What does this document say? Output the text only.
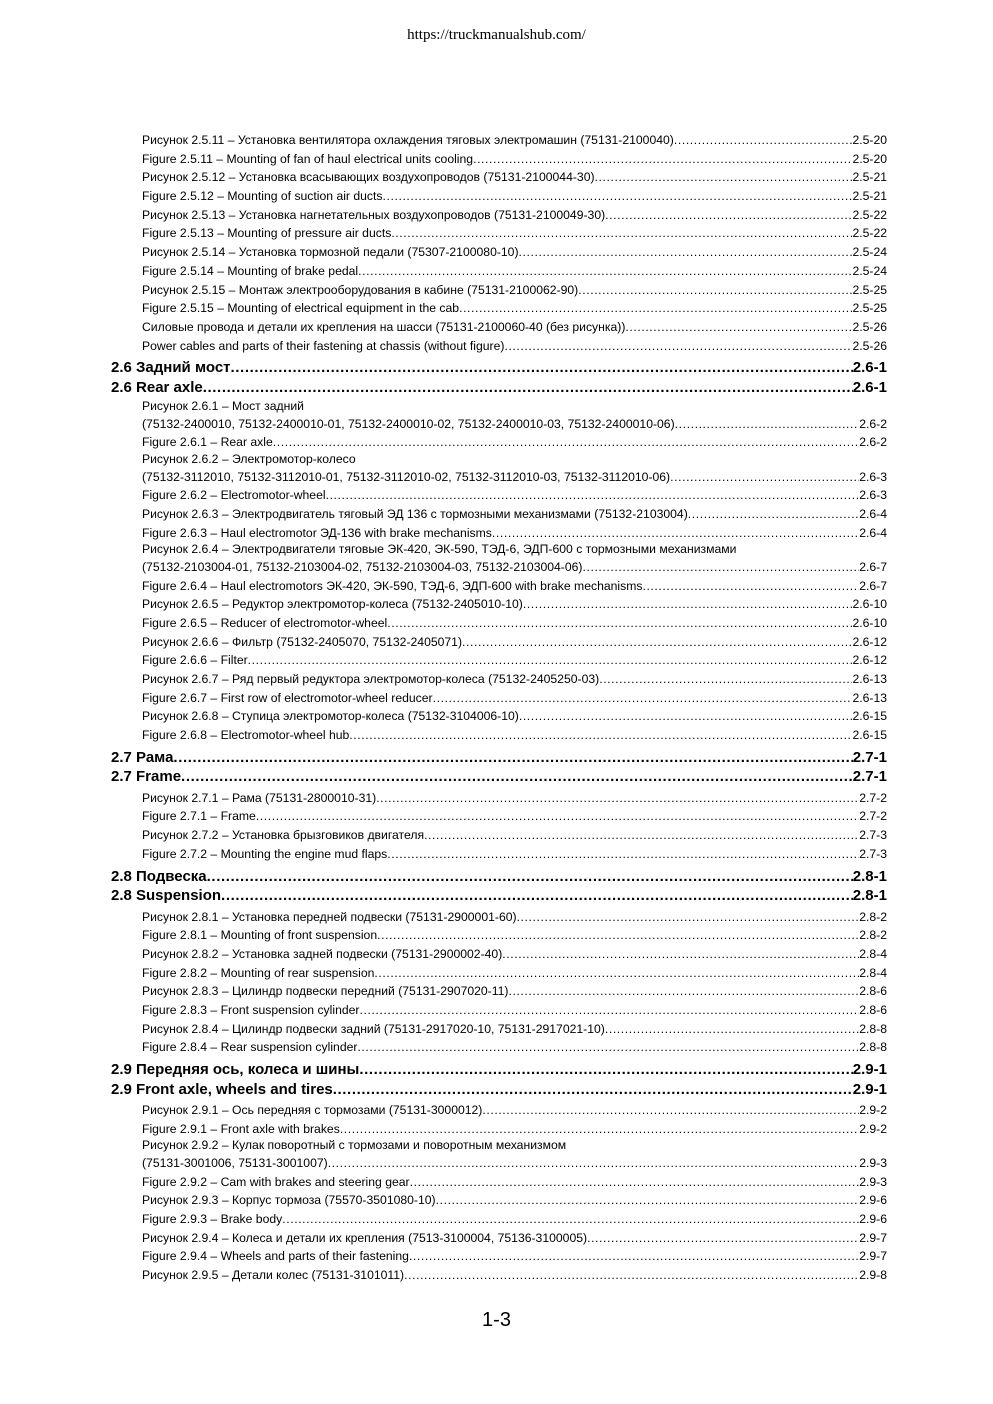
https://truckmanualshub.com/
Рисунок 2.5.11 – Установка вентилятора охлаждения тяговых электромашин (75131-2100040) .....	2.5-20
Figure 2.5.11 – Mounting of fan of haul electrical units cooling .....	2.5-20
Рисунок 2.5.12 – Установка всасывающих воздухопроводов (75131-2100044-30) .....	2.5-21
Figure 2.5.12 – Mounting of suction air ducts .....	2.5-21
Рисунок 2.5.13 – Установка нагнетательных воздухопроводов (75131-2100049-30) .....	2.5-22
Figure 2.5.13 – Mounting of pressure air ducts .....	2.5-22
Рисунок 2.5.14 – Установка тормозной педали (75307-2100080-10) .....	2.5-24
Figure 2.5.14 – Mounting of brake pedal .....	2.5-24
Рисунок 2.5.15 – Монтаж электрооборудования в кабине (75131-2100062-90) .....	2.5-25
Figure 2.5.15 – Mounting of electrical equipment in the cab .....	2.5-25
Силовые провода и детали их крепления на шасси (75131-2100060-40 (без рисунка)) .....	2.5-26
Power cables and parts of their fastening at chassis (without figure) .....	2.5-26
2.6 Задний мост .....	2.6-1
2.6 Rear axle .....	2.6-1
Рисунок 2.6.1 – Мост задний
(75132-2400010, 75132-2400010-01, 75132-2400010-02, 75132-2400010-03, 75132-2400010-06) .....	2.6-2
Figure 2.6.1 – Rear axle .....	2.6-2
Рисунок 2.6.2 – Электромотор-колесо
(75132-3112010, 75132-3112010-01, 75132-3112010-02, 75132-3112010-03, 75132-3112010-06) .....	2.6-3
Figure 2.6.2 – Electromotor-wheel .....	2.6-3
Рисунок 2.6.3 – Электродвигатель тяговый ЭД 136 с тормозными механизмами (75132-2103004) .....	2.6-4
Figure 2.6.3 – Haul electromotor ЭД-136 with brake mechanisms .....	2.6-4
Рисунок 2.6.4 – Электродвигатели тяговые ЭК-420, ЭК-590, ТЭД-6, ЭДП-600 с тормозными механизмами
(75132-2103004-01, 75132-2103004-02, 75132-2103004-03, 75132-2103004-06) .....	2.6-7
Figure 2.6.4 – Haul electromotors ЭК-420, ЭК-590, ТЭД-6, ЭДП-600 with brake mechanisms .....	2.6-7
Рисунок 2.6.5 – Редуктор электромотор-колеса (75132-2405010-10) .....	2.6-10
Figure 2.6.5 – Reducer of electromotor-wheel .....	2.6-10
Рисунок 2.6.6 – Фильтр (75132-2405070, 75132-2405071) .....	2.6-12
Figure 2.6.6 – Filter .....	2.6-12
Рисунок 2.6.7 – Ряд первый редуктора электромотор-колеса (75132-2405250-03) .....	2.6-13
Figure 2.6.7 – First row of electromotor-wheel reducer .....	2.6-13
Рисунок 2.6.8 – Ступица электромотор-колеса (75132-3104006-10) .....	2.6-15
Figure 2.6.8 – Electromotor-wheel hub .....	2.6-15
2.7 Рама .....	2.7-1
2.7 Frame .....	2.7-1
Рисунок 2.7.1 – Рама (75131-2800010-31) .....	2.7-2
Figure 2.7.1 – Frame .....	2.7-2
Рисунок 2.7.2 – Установка брызговиков двигателя .....	2.7-3
Figure 2.7.2 – Mounting the engine mud flaps .....	2.7-3
2.8 Подвеска .....	2.8-1
2.8 Suspension .....	2.8-1
Рисунок 2.8.1 – Установка передней подвески (75131-2900001-60) .....	2.8-2
Figure 2.8.1 – Mounting of front suspension .....	2.8-2
Рисунок 2.8.2 – Установка задней подвески (75131-2900002-40) .....	2.8-4
Figure 2.8.2 – Mounting of rear suspension .....	2.8-4
Рисунок 2.8.3 – Цилиндр подвески передний (75131-2907020-11) .....	2.8-6
Figure 2.8.3 – Front suspension cylinder .....	2.8-6
Рисунок 2.8.4 – Цилиндр подвески задний (75131-2917020-10, 75131-2917021-10) .....	2.8-8
Figure 2.8.4 – Rear suspension cylinder .....	2.8-8
2.9 Передняя ось, колеса и шины .....	2.9-1
2.9 Front axle, wheels and tires .....	2.9-1
Рисунок 2.9.1 – Ось передняя с тормозами (75131-3000012) .....	2.9-2
Figure 2.9.1 – Front axle with brakes .....	2.9-2
Рисунок 2.9.2 – Кулак поворотный с тормозами и поворотным механизмом
(75131-3001006, 75131-3001007) .....	2.9-3
Figure 2.9.2 – Cam with brakes and steering gear .....	2.9-3
Рисунок 2.9.3 – Корпус тормоза (75570-3501080-10) .....	2.9-6
Figure 2.9.3 – Brake body .....	2.9-6
Рисунок 2.9.4 – Колеса и детали их крепления (7513-3100004, 75136-3100005) .....	2.9-7
Figure 2.9.4 – Wheels and parts of their fastening .....	2.9-7
Рисунок 2.9.5 – Детали колес (75131-3101011) .....	2.9-8
1-3
